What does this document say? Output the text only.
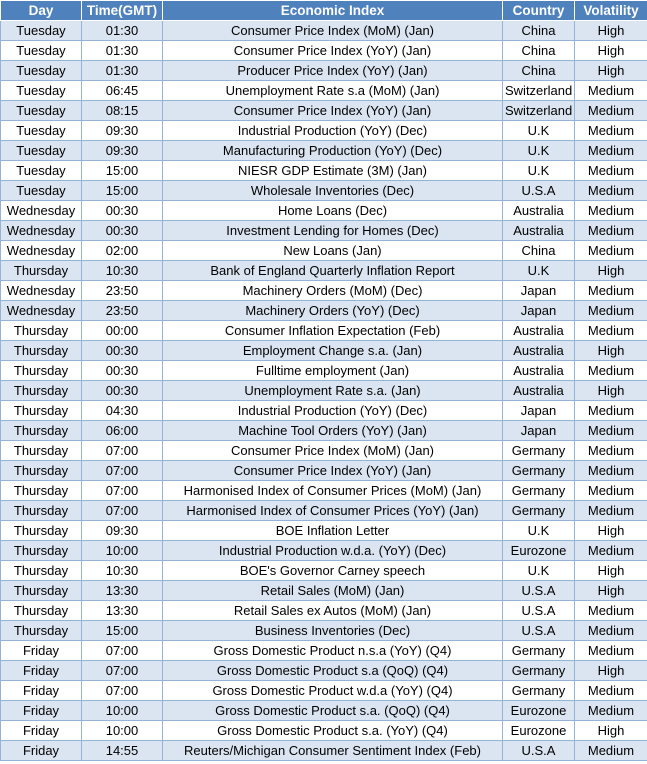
Day	Time(GMT)	Economic Index	Country	Volatility
Tuesday	01:30	Consumer Price Index (MoM) (Jan)	China	High
Tuesday	01:30	Consumer Price Index (YoY) (Jan)	China	High
Tuesday	01:30	Producer Price Index (YoY) (Jan)	China	High
Tuesday	06:45	Unemployment Rate s.a (MoM) (Jan)	Switzerland	Medium
Tuesday	08:15	Consumer Price Index (YoY) (Jan)	Switzerland	Medium
Tuesday	09:30	Industrial Production (YoY) (Dec)	U.K	Medium
Tuesday	09:30	Manufacturing Production (YoY) (Dec)	U.K	Medium
Tuesday	15:00	NIESR GDP Estimate (3M) (Jan)	U.K	Medium
Tuesday	15:00	Wholesale Inventories (Dec)	U.S.A	Medium
Wednesday	00:30	Home Loans (Dec)	Australia	Medium
Wednesday	00:30	Investment Lending for Homes (Dec)	Australia	Medium
Wednesday	02:00	New Loans (Jan)	China	Medium
Thursday	10:30	Bank of England Quarterly Inflation Report	U.K	High
Wednesday	23:50	Machinery Orders (MoM) (Dec)	Japan	Medium
Wednesday	23:50	Machinery Orders (YoY) (Dec)	Japan	Medium
Thursday	00:00	Consumer Inflation Expectation (Feb)	Australia	Medium
Thursday	00:30	Employment Change s.a. (Jan)	Australia	High
Thursday	00:30	Fulltime employment (Jan)	Australia	Medium
Thursday	00:30	Unemployment Rate s.a. (Jan)	Australia	High
Thursday	04:30	Industrial Production (YoY) (Dec)	Japan	Medium
Thursday	06:00	Machine Tool Orders (YoY) (Jan)	Japan	Medium
Thursday	07:00	Consumer Price Index (MoM) (Jan)	Germany	Medium
Thursday	07:00	Consumer Price Index (YoY) (Jan)	Germany	Medium
Thursday	07:00	Harmonised Index of Consumer Prices (MoM) (Jan)	Germany	Medium
Thursday	07:00	Harmonised Index of Consumer Prices (YoY) (Jan)	Germany	Medium
Thursday	09:30	BOE Inflation Letter	U.K	High
Thursday	10:00	Industrial Production w.d.a. (YoY) (Dec)	Eurozone	Medium
Thursday	10:30	BOE's Governor Carney speech	U.K	High
Thursday	13:30	Retail Sales (MoM) (Jan)	U.S.A	High
Thursday	13:30	Retail Sales ex Autos (MoM) (Jan)	U.S.A	Medium
Thursday	15:00	Business Inventories (Dec)	U.S.A	Medium
Friday	07:00	Gross Domestic Product n.s.a (YoY) (Q4)	Germany	Medium
Friday	07:00	Gross Domestic Product s.a (QoQ) (Q4)	Germany	High
Friday	07:00	Gross Domestic Product w.d.a (YoY) (Q4)	Germany	Medium
Friday	10:00	Gross Domestic Product s.a. (QoQ) (Q4)	Eurozone	Medium
Friday	10:00	Gross Domestic Product s.a. (YoY) (Q4)	Eurozone	High
Friday	14:55	Reuters/Michigan Consumer Sentiment Index (Feb)	U.S.A	Medium
